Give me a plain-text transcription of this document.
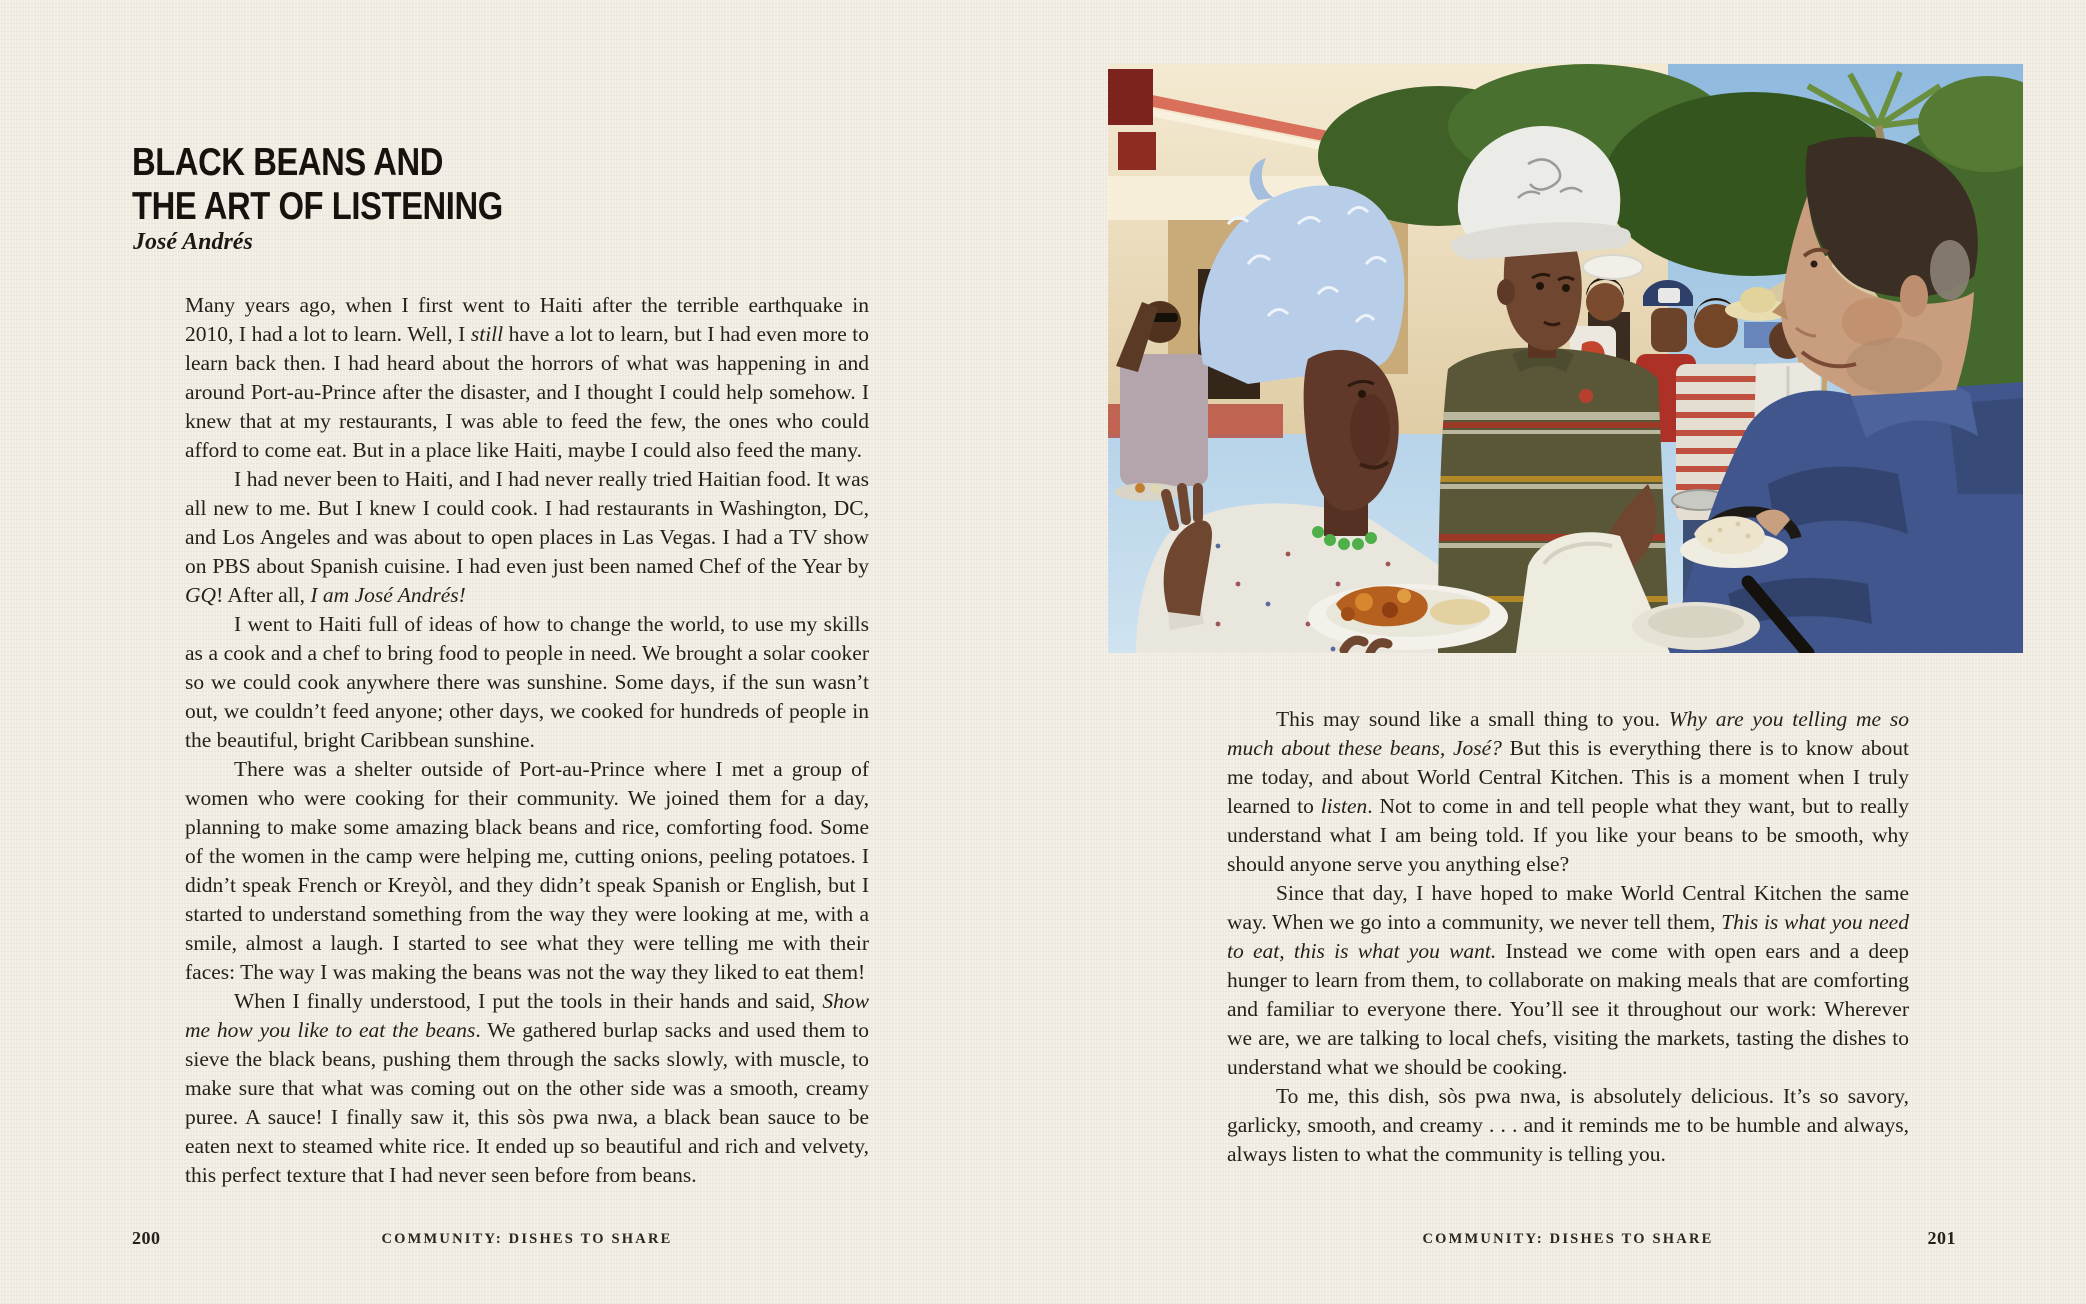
BLACK BEANS AND
THE ART OF LISTENING
José Andrés

Many years ago, when I first went to Haiti after the terrible earthquake in 2010, I had a lot to learn. Well, I still have a lot to learn, but I had even more to learn back then. I had heard about the horrors of what was happening in and around Port-au-Prince after the disaster, and I thought I could help somehow. I knew that at my restaurants, I was able to feed the few, the ones who could afford to come eat. But in a place like Haiti, maybe I could also feed the many.

I had never been to Haiti, and I had never really tried Haitian food. It was all new to me. But I knew I could cook. I had restaurants in Washington, DC, and Los Angeles and was about to open places in Las Vegas. I had a TV show on PBS about Spanish cuisine. I had even just been named Chef of the Year by GQ! After all, I am José Andrés!

I went to Haiti full of ideas of how to change the world, to use my skills as a cook and a chef to bring food to people in need. We brought a solar cooker so we could cook anywhere there was sunshine. Some days, if the sun wasn’t out, we couldn’t feed anyone; other days, we cooked for hundreds of people in the beautiful, bright Caribbean sunshine.

There was a shelter outside of Port-au-Prince where I met a group of women who were cooking for their community. We joined them for a day, planning to make some amazing black beans and rice, comforting food. Some of the women in the camp were helping me, cutting onions, peeling potatoes. I didn’t speak French or Kreyòl, and they didn’t speak Spanish or English, but I started to understand something from the way they were looking at me, with a smile, almost a laugh. I started to see what they were telling me with their faces: The way I was making the beans was not the way they liked to eat them!

When I finally understood, I put the tools in their hands and said, Show me how you like to eat the beans. We gathered burlap sacks and used them to sieve the black beans, pushing them through the sacks slowly, with muscle, to make sure that what was coming out on the other side was a smooth, creamy puree. A sauce! I finally saw it, this sòs pwa nwa, a black bean sauce to be eaten next to steamed white rice. It ended up so beautiful and rich and velvety, this perfect texture that I had never seen before from beans.

200	COMMUNITY: DISHES TO SHARE

This may sound like a small thing to you. Why are you telling me so much about these beans, José? But this is everything there is to know about me today, and about World Central Kitchen. This is a moment when I truly learned to listen. Not to come in and tell people what they want, but to really understand what I am being told. If you like your beans to be smooth, why should anyone serve you anything else?

Since that day, I have hoped to make World Central Kitchen the same way. When we go into a community, we never tell them, This is what you need to eat, this is what you want. Instead we come with open ears and a deep hunger to learn from them, to collaborate on making meals that are comforting and familiar to everyone there. You’ll see it throughout our work: Wherever we are, we are talking to local chefs, visiting the markets, tasting the dishes to understand what we should be cooking.

To me, this dish, sòs pwa nwa, is absolutely delicious. It’s so savory, garlicky, smooth, and creamy . . . and it reminds me to be humble and always, always listen to what the community is telling you.

COMMUNITY: DISHES TO SHARE	201
